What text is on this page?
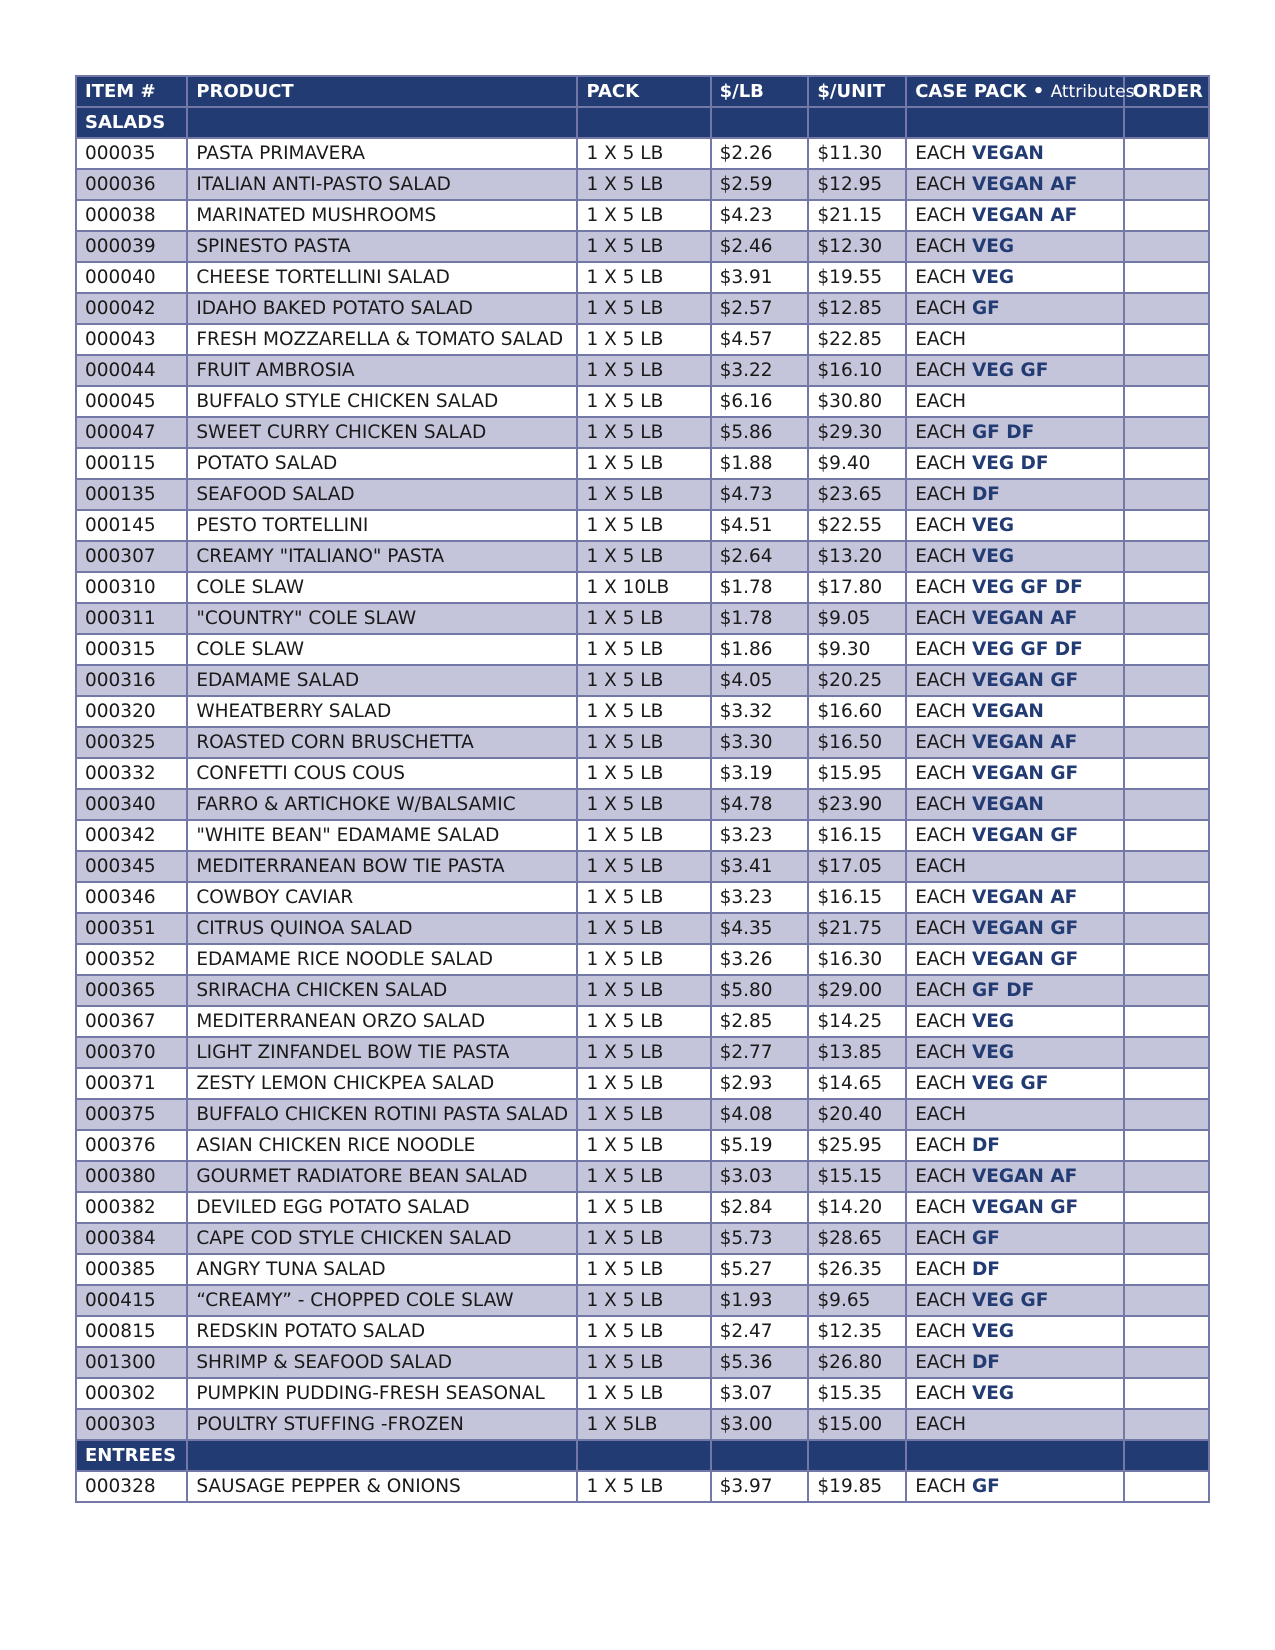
ITEM #	PRODUCT	PACK	$/LB	$/UNIT	CASE PACK • Attributes	ORDER
SALADS						
000035	PASTA PRIMAVERA	1 X 5 LB	$2.26	$11.30	EACH VEGAN	
000036	ITALIAN ANTI-PASTO SALAD	1 X 5 LB	$2.59	$12.95	EACH VEGAN AF	
000038	MARINATED MUSHROOMS	1 X 5 LB	$4.23	$21.15	EACH VEGAN AF	
000039	SPINESTO PASTA	1 X 5 LB	$2.46	$12.30	EACH VEG	
000040	CHEESE TORTELLINI SALAD	1 X 5 LB	$3.91	$19.55	EACH VEG	
000042	IDAHO BAKED POTATO SALAD	1 X 5 LB	$2.57	$12.85	EACH GF	
000043	FRESH MOZZARELLA & TOMATO SALAD	1 X 5 LB	$4.57	$22.85	EACH	
000044	FRUIT AMBROSIA	1 X 5 LB	$3.22	$16.10	EACH VEG GF	
000045	BUFFALO STYLE CHICKEN SALAD	1 X 5 LB	$6.16	$30.80	EACH	
000047	SWEET CURRY CHICKEN SALAD	1 X 5 LB	$5.86	$29.30	EACH GF DF	
000115	POTATO SALAD	1 X 5 LB	$1.88	$9.40	EACH VEG DF	
000135	SEAFOOD SALAD	1 X 5 LB	$4.73	$23.65	EACH DF	
000145	PESTO TORTELLINI	1 X 5 LB	$4.51	$22.55	EACH VEG	
000307	CREAMY "ITALIANO" PASTA	1 X 5 LB	$2.64	$13.20	EACH VEG	
000310	COLE SLAW	1 X 10LB	$1.78	$17.80	EACH VEG GF DF	
000311	"COUNTRY" COLE SLAW	1 X 5 LB	$1.78	$9.05	EACH VEGAN AF	
000315	COLE SLAW	1 X 5 LB	$1.86	$9.30	EACH VEG GF DF	
000316	EDAMAME SALAD	1 X 5 LB	$4.05	$20.25	EACH VEGAN GF	
000320	WHEATBERRY SALAD	1 X 5 LB	$3.32	$16.60	EACH VEGAN	
000325	ROASTED CORN BRUSCHETTA	1 X 5 LB	$3.30	$16.50	EACH VEGAN AF	
000332	CONFETTI COUS COUS	1 X 5 LB	$3.19	$15.95	EACH VEGAN GF	
000340	FARRO & ARTICHOKE W/BALSAMIC	1 X 5 LB	$4.78	$23.90	EACH VEGAN	
000342	"WHITE BEAN" EDAMAME SALAD	1 X 5 LB	$3.23	$16.15	EACH VEGAN GF	
000345	MEDITERRANEAN BOW TIE PASTA	1 X 5 LB	$3.41	$17.05	EACH	
000346	COWBOY CAVIAR	1 X 5 LB	$3.23	$16.15	EACH VEGAN AF	
000351	CITRUS QUINOA SALAD	1 X 5 LB	$4.35	$21.75	EACH VEGAN GF	
000352	EDAMAME RICE NOODLE SALAD	1 X 5 LB	$3.26	$16.30	EACH VEGAN GF	
000365	SRIRACHA CHICKEN SALAD	1 X 5 LB	$5.80	$29.00	EACH GF DF	
000367	MEDITERRANEAN ORZO SALAD	1 X 5 LB	$2.85	$14.25	EACH VEG	
000370	LIGHT ZINFANDEL BOW TIE PASTA	1 X 5 LB	$2.77	$13.85	EACH VEG	
000371	ZESTY LEMON CHICKPEA SALAD	1 X 5 LB	$2.93	$14.65	EACH VEG GF	
000375	BUFFALO CHICKEN ROTINI PASTA SALAD	1 X 5 LB	$4.08	$20.40	EACH	
000376	ASIAN CHICKEN RICE NOODLE	1 X 5 LB	$5.19	$25.95	EACH DF	
000380	GOURMET RADIATORE BEAN SALAD	1 X 5 LB	$3.03	$15.15	EACH VEGAN AF	
000382	DEVILED EGG POTATO SALAD	1 X 5 LB	$2.84	$14.20	EACH VEGAN GF	
000384	CAPE COD STYLE CHICKEN SALAD	1 X 5 LB	$5.73	$28.65	EACH GF	
000385	ANGRY TUNA SALAD	1 X 5 LB	$5.27	$26.35	EACH DF	
000415	“CREAMY” - CHOPPED COLE SLAW	1 X 5 LB	$1.93	$9.65	EACH VEG GF	
000815	REDSKIN POTATO SALAD	1 X 5 LB	$2.47	$12.35	EACH VEG	
001300	SHRIMP & SEAFOOD SALAD	1 X 5 LB	$5.36	$26.80	EACH DF	
000302	PUMPKIN PUDDING-FRESH SEASONAL	1 X 5 LB	$3.07	$15.35	EACH VEG	
000303	POULTRY STUFFING -FROZEN	1 X 5LB	$3.00	$15.00	EACH	
ENTREES						
000328	SAUSAGE PEPPER & ONIONS	1 X 5 LB	$3.97	$19.85	EACH GF	
